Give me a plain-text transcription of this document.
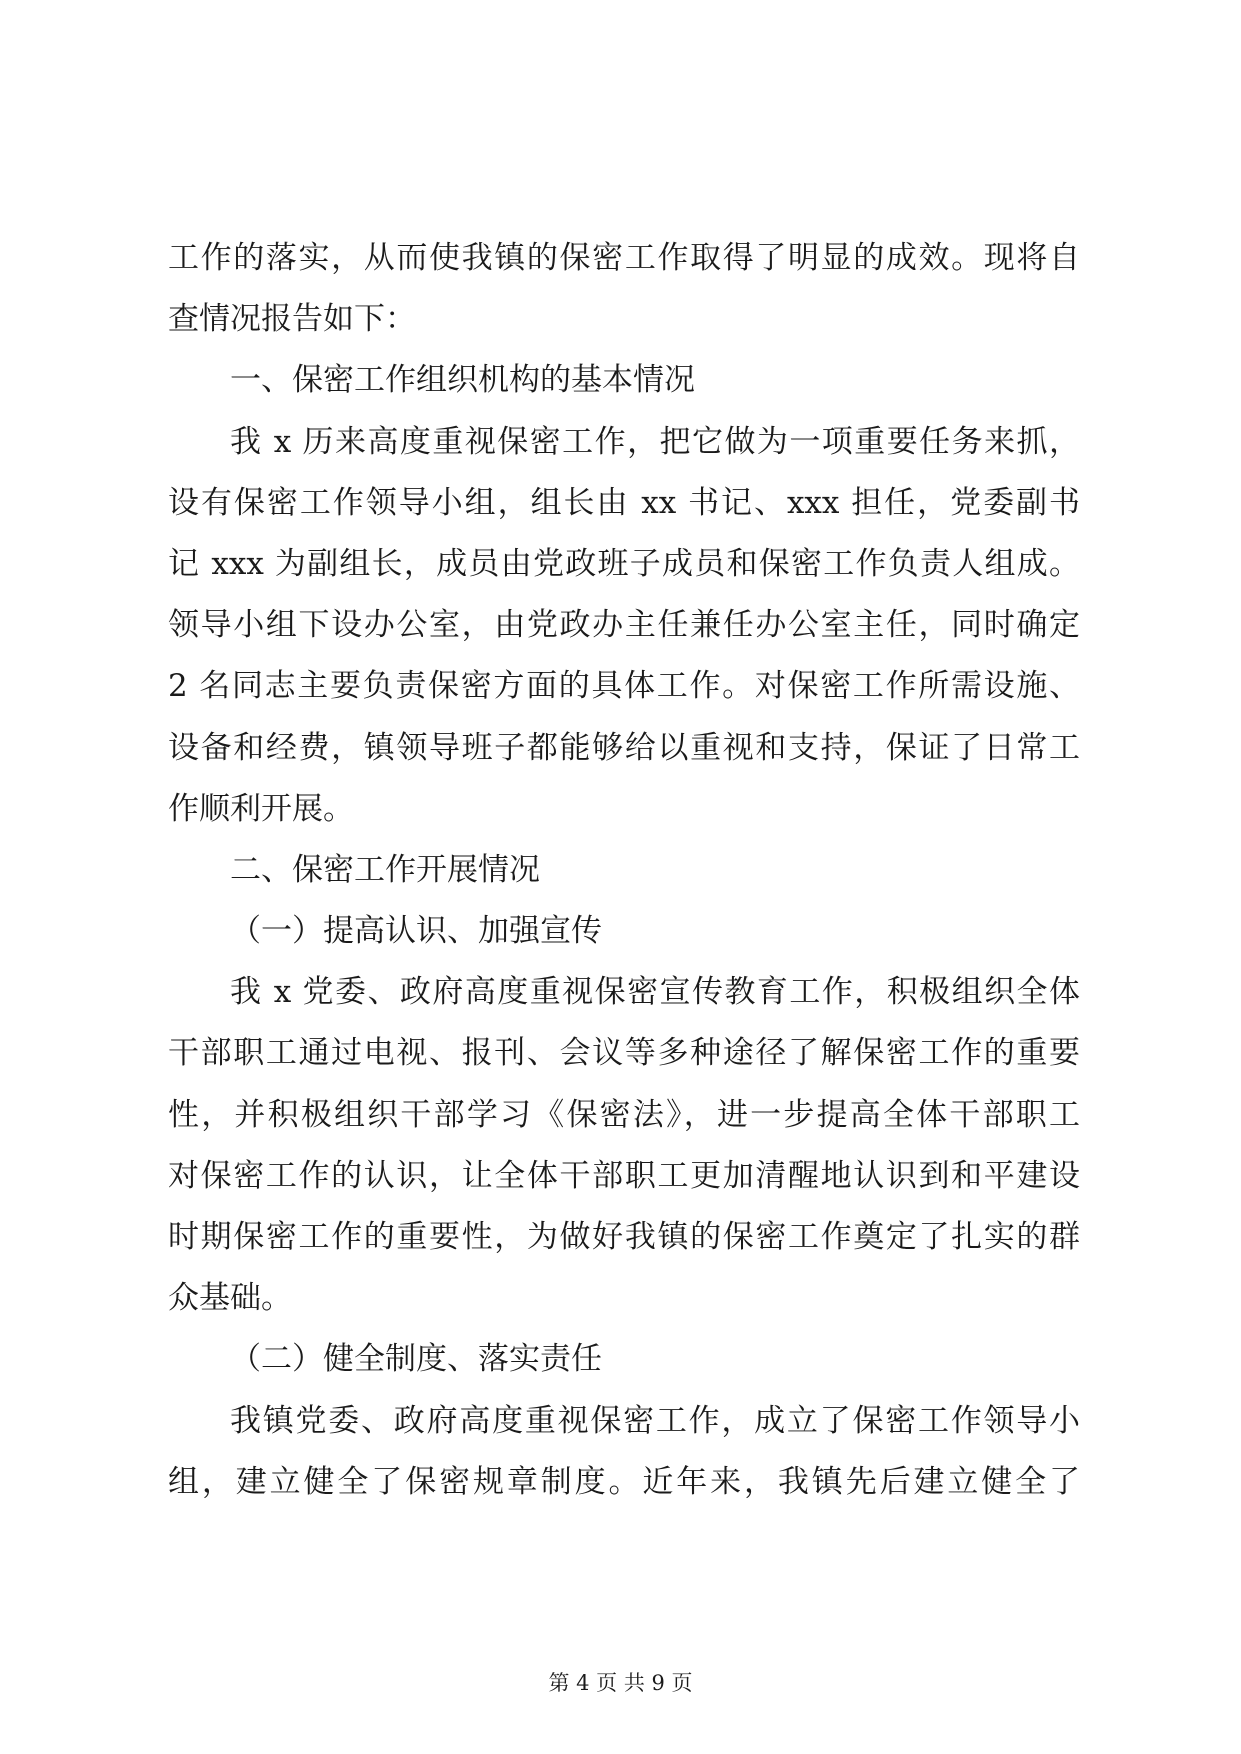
工作的落实，从而使我镇的保密工作取得了明显的成效。现将自
查情况报告如下：
一、保密工作组织机构的基本情况
我 x 历来高度重视保密工作，把它做为一项重要任务来抓，
设有保密工作领导小组，组长由 xx 书记、xxx 担任，党委副书
记 xxx 为副组长，成员由党政班子成员和保密工作负责人组成。
领导小组下设办公室，由党政办主任兼任办公室主任，同时确定
2 名同志主要负责保密方面的具体工作。对保密工作所需设施、
设备和经费，镇领导班子都能够给以重视和支持，保证了日常工
作顺利开展。
二、保密工作开展情况
（一）提高认识、加强宣传
我 x 党委、政府高度重视保密宣传教育工作，积极组织全体
干部职工通过电视、报刊、会议等多种途径了解保密工作的重要
性，并积极组织干部学习《保密法》，进一步提高全体干部职工
对保密工作的认识，让全体干部职工更加清醒地认识到和平建设
时期保密工作的重要性，为做好我镇的保密工作奠定了扎实的群
众基础。
（二）健全制度、落实责任
我镇党委、政府高度重视保密工作，成立了保密工作领导小
组，建立健全了保密规章制度。近年来，我镇先后建立健全了
第 4 页 共 9 页
